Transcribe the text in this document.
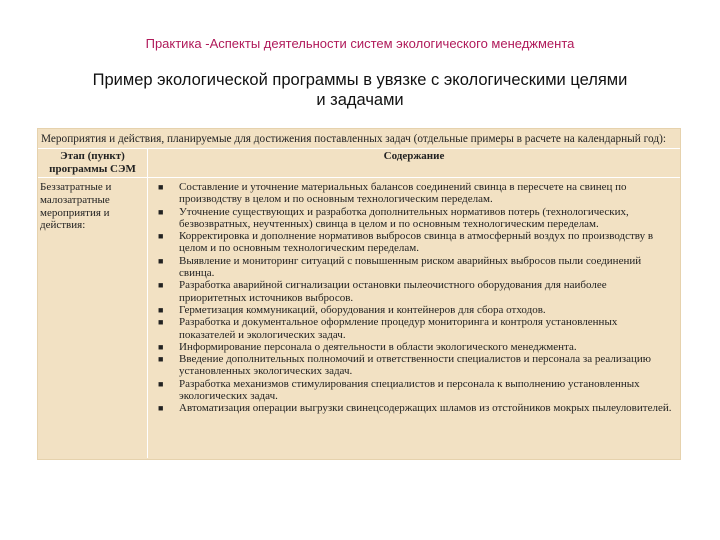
Практика -Аспекты деятельности систем экологического менеджмента
Пример экологической программы в увязке с экологическими целями
и задачами
Мероприятия и действия, планируемые для достижения поставленных задач (отдельные примеры в расчете на календарный год):
Этап (пункт) программы СЭМ
Содержание
Беззатратные и малозатратные мероприятия и действия:
■ Составление и уточнение материальных балансов соединений свинца в пересчете на свинец по производству в целом и по основным технологическим переделам.
■ Уточнение существующих и разработка дополнительных нормативов потерь (технологических, безвозвратных, неучтенных) свинца в целом и по основным технологическим переделам.
■ Корректировка и дополнение нормативов выбросов свинца в атмосферный воздух по производству в целом и по основным технологическим переделам.
■ Выявление и мониторинг ситуаций с повышенным риском аварийных выбросов пыли соединений свинца.
■ Разработка аварийной сигнализации остановки пылеочистного оборудования для наиболее приоритетных источников выбросов.
■ Герметизация коммуникаций, оборудования и контейнеров для сбора отходов.
■ Разработка и документальное оформление процедур мониторинга и контроля установленных показателей и экологических задач.
■ Информирование персонала о деятельности в области экологического менеджмента.
■ Введение дополнительных полномочий и ответственности специалистов и персонала за реализацию установленных экологических задач.
■ Разработка механизмов стимулирования специалистов и персонала к выполнению установленных экологических задач.
■ Автоматизация операции выгрузки свинецсодержащих шламов из отстойников мокрых пылеуловителей.
